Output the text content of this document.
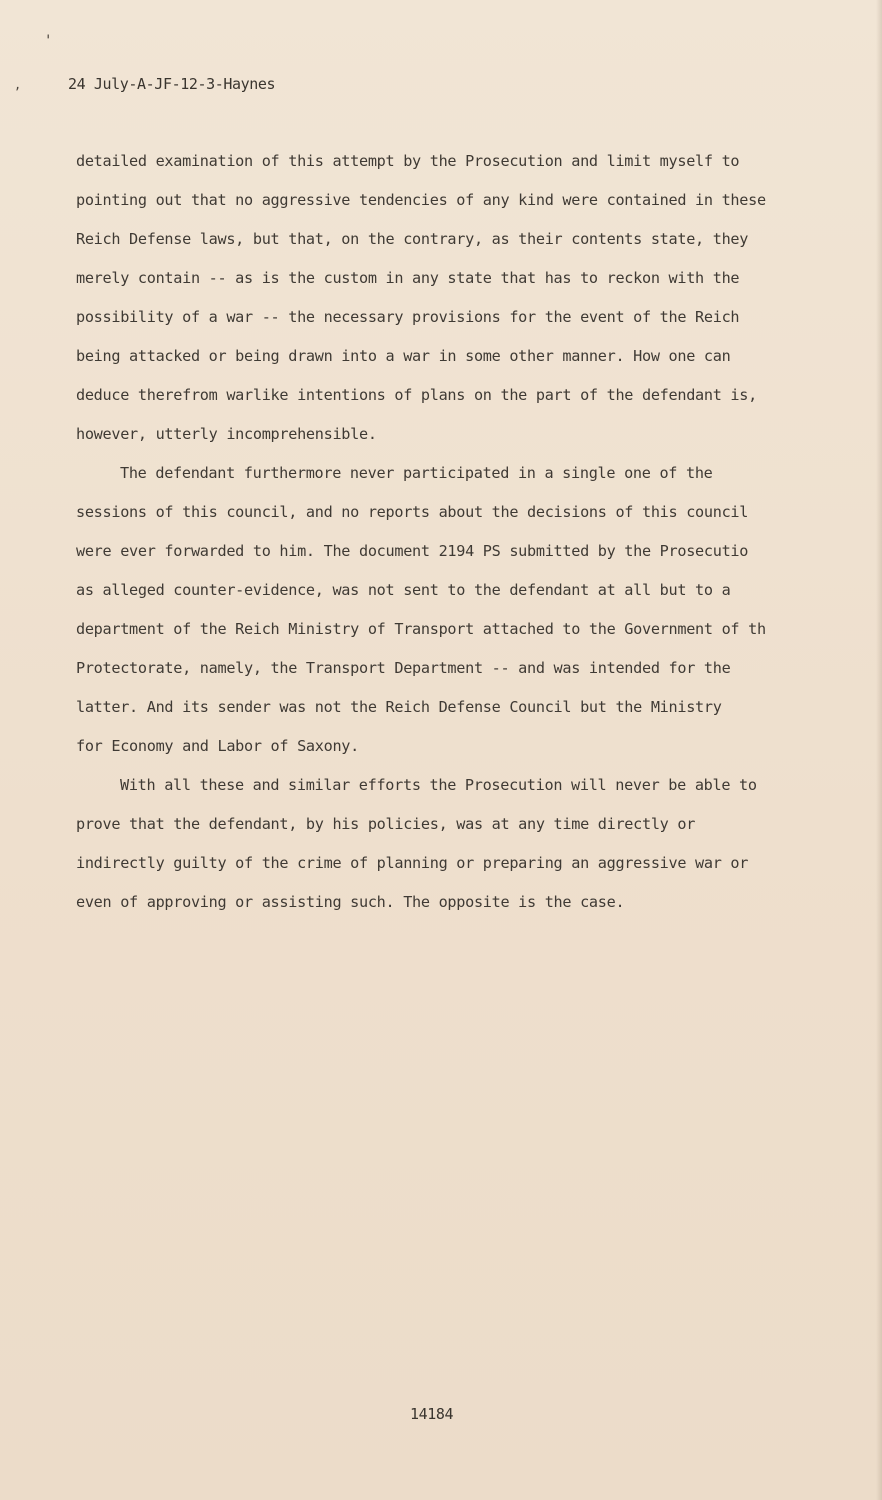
'
,	24 July-A-JF-12-3-Haynes
detailed examination of this attempt by the Prosecution and limit myself to
pointing out that no aggressive tendencies of any kind were contained in these
Reich Defense laws, but that, on the contrary, as their contents state, they
merely contain -- as is the custom in any state that has to reckon with the
possibility of a war -- the necessary provisions for the event of the Reich
being attacked or being drawn into a war in some other manner. How one can
deduce therefrom warlike intentions of plans on the part of the defendant is,
however, utterly incomprehensible.
The defendant furthermore never participated in a single one of the
sessions of this council, and no reports about the decisions of this council
were ever forwarded to him. The document 2194 PS submitted by the Prosecutio
as alleged counter-evidence, was not sent to the defendant at all but to a
department of the Reich Ministry of Transport attached to the Government of th
Protectorate, namely, the Transport Department -- and was intended for the
latter. And its sender was not the Reich Defense Council but the Ministry
for Economy and Labor of Saxony.
With all these and similar efforts the Prosecution will never be able to
prove that the defendant, by his policies, was at any time directly or
indirectly guilty of the crime of planning or preparing an aggressive war or
even of approving or assisting such. The opposite is the case.
14184
